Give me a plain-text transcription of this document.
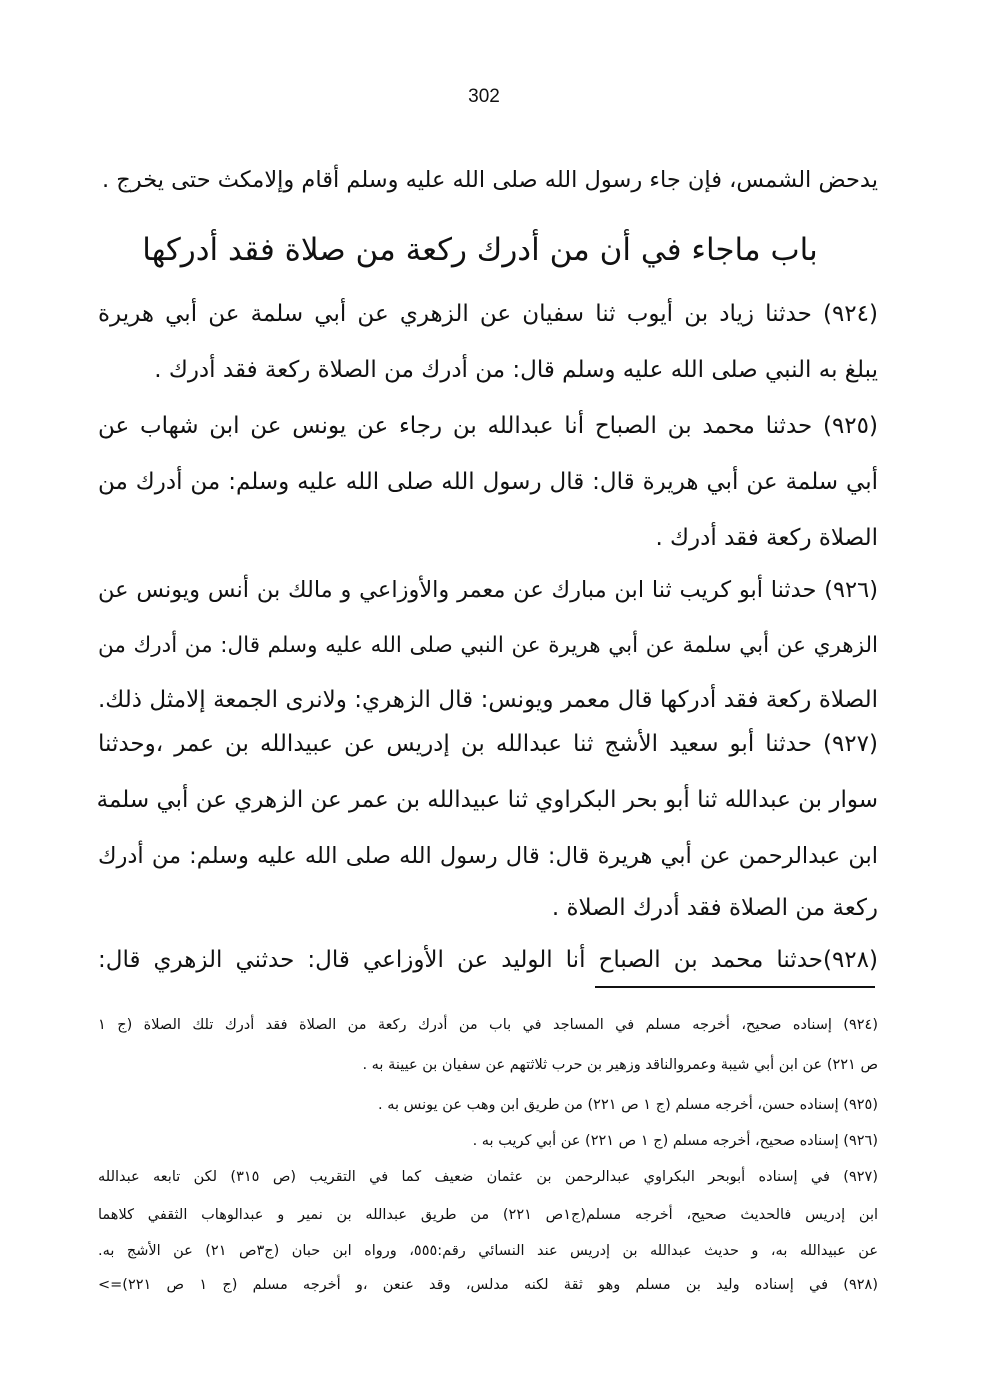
302
يدحض الشمس، فإن جاء رسول الله صلى الله عليه وسلم أقام وإلامكث حتى يخرج .
باب ماجاء في أن من أدرك ركعة من صلاة فقد أدركها
(٩٢٤) حدثنا زياد بن أيوب ثنا سفيان عن الزهري عن أبي سلمة عن أبي هريرة
يبلغ به النبي صلى الله عليه وسلم قال: من أدرك من الصلاة ركعة فقد أدرك .
(٩٢٥) حدثنا محمد بن الصباح أنا عبدالله بن رجاء عن يونس عن ابن شهاب عن
أبي سلمة عن أبي هريرة قال: قال رسول الله صلى الله عليه وسلم: من أدرك من
الصلاة ركعة فقد أدرك .
(٩٢٦) حدثنا أبو كريب ثنا ابن مبارك عن معمر والأوزاعي و مالك بن أنس ويونس عن
الزهري عن أبي سلمة عن أبي هريرة عن النبي صلى الله عليه وسلم قال: من أدرك من
الصلاة ركعة فقد أدركها قال معمر ويونس: قال الزهري: ولانرى الجمعة إلامثل ذلك.
(٩٢٧) حدثنا أبو سعيد الأشج ثنا عبدالله بن إدريس عن عبيدالله بن عمر ،وحدثنا
سوار بن عبدالله ثنا أبو بحر البكراوي ثنا عبيدالله بن عمر عن الزهري عن أبي سلمة
ابن عبدالرحمن عن أبي هريرة قال: قال رسول الله صلى الله عليه وسلم: من أدرك
ركعة من الصلاة فقد أدرك الصلاة .
(٩٢٨)حدثنا محمد بن الصباح أنا الوليد عن الأوزاعي قال: حدثني الزهري قال:
(٩٢٤) إسناده صحيح، أخرجه مسلم في المساجد في باب من أدرك ركعة من الصلاة فقد أدرك تلك الصلاة (ج ١
ص ٢٢١) عن ابن أبي شيبة وعمروالناقد وزهير بن حرب ثلاثتهم عن سفيان بن عيينة به .
(٩٢٥) إسناده حسن، أخرجه مسلم (ج ١ ص ٢٢١) من طريق ابن وهب عن يونس به .
(٩٢٦) إسناده صحيح، أخرجه مسلم (ج ١ ص ٢٢١) عن أبي كريب به .
(٩٢٧) في إسناده أبوبحر البكراوي عبدالرحمن بن عثمان ضعيف كما في التقريب (ص ٣١٥) لكن تابعه عبدالله
ابن إدريس فالحديث صحيح، أخرجه مسلم(ج١ص ٢٢١) من طريق عبدالله بن نمير و عبدالوهاب الثقفي كلاهما
عن عبيدالله به، و حديث عبدالله بن إدريس عند النسائي رقم:٥٥٥، ورواه ابن حبان (ج٣ص ٢١) عن الأشج به.
(٩٢٨) في إسناده وليد بن مسلم وهو ثقة لكنه مدلس، وقد عنعن ،و أخرجه مسلم (ج ١ ص ٢٢١)=>
